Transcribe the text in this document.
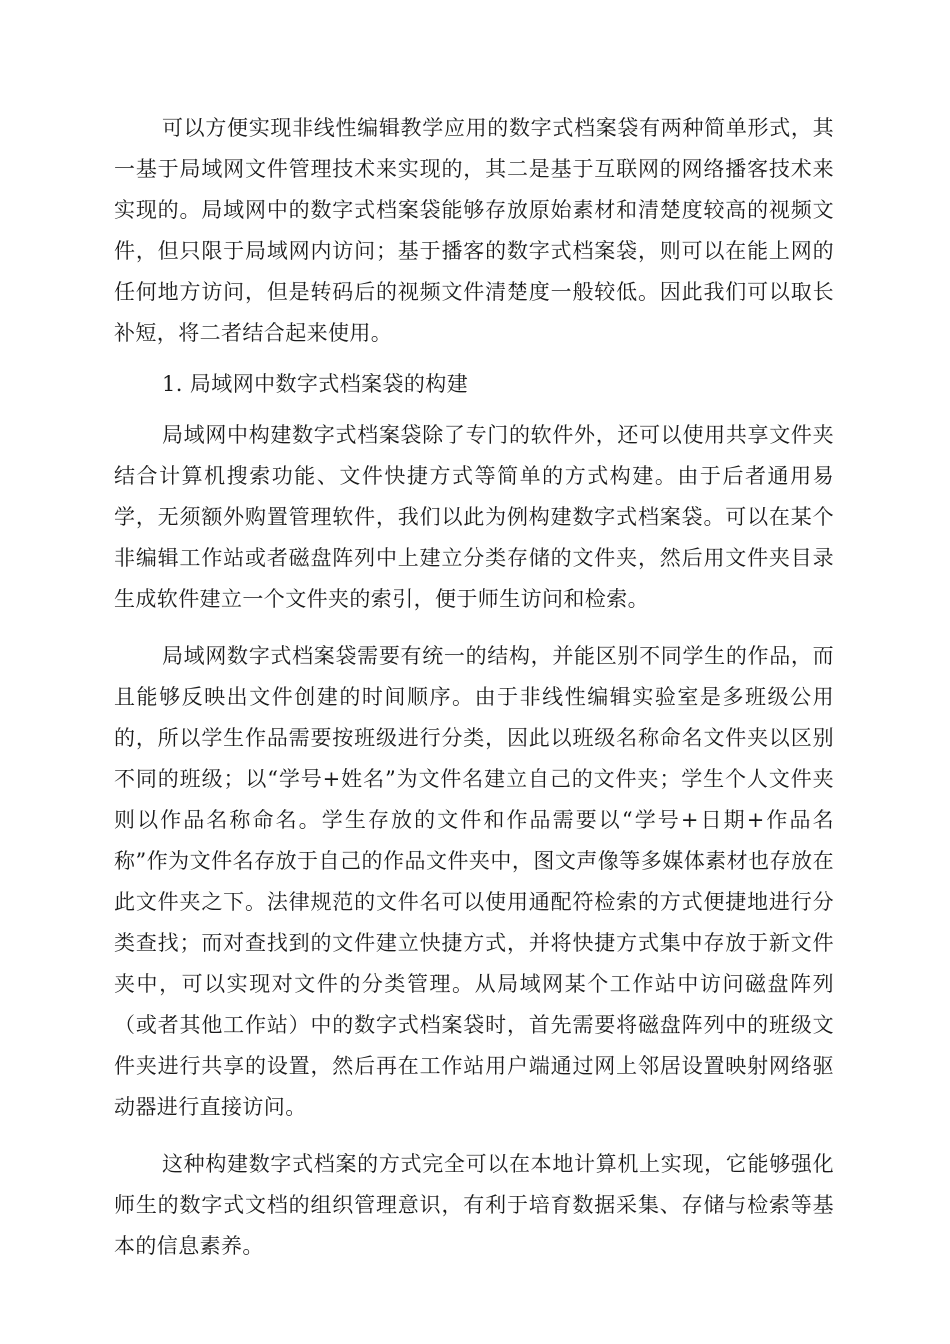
可以方便实现非线性编辑教学应用的数字式档案袋有两种简单形式，其一基于局域网文件管理技术来实现的，其二是基于互联网的网络播客技术来实现的。局域网中的数字式档案袋能够存放原始素材和清楚度较高的视频文件，但只限于局域网内访问；基于播客的数字式档案袋，则可以在能上网的任何地方访问，但是转码后的视频文件清楚度一般较低。因此我们可以取长补短，将二者结合起来使用。

1. 局域网中数字式档案袋的构建

局域网中构建数字式档案袋除了专门的软件外，还可以使用共享文件夹结合计算机搜索功能、文件快捷方式等简单的方式构建。由于后者通用易学，无须额外购置管理软件，我们以此为例构建数字式档案袋。可以在某个非编辑工作站或者磁盘阵列中上建立分类存储的文件夹，然后用文件夹目录生成软件建立一个文件夹的索引，便于师生访问和检索。

局域网数字式档案袋需要有统一的结构，并能区别不同学生的作品，而且能够反映出文件创建的时间顺序。由于非线性编辑实验室是多班级公用的，所以学生作品需要按班级进行分类，因此以班级名称命名文件夹以区别不同的班级；以“学号+姓名”为文件名建立自己的文件夹；学生个人文件夹则以作品名称命名。学生存放的文件和作品需要以“学号+日期+作品名称”作为文件名存放于自己的作品文件夹中，图文声像等多媒体素材也存放在此文件夹之下。法律规范的文件名可以使用通配符检索的方式便捷地进行分类查找；而对查找到的文件建立快捷方式，并将快捷方式集中存放于新文件夹中，可以实现对文件的分类管理。从局域网某个工作站中访问磁盘阵列（或者其他工作站）中的数字式档案袋时，首先需要将磁盘阵列中的班级文件夹进行共享的设置，然后再在工作站用户端通过网上邻居设置映射网络驱动器进行直接访问。

这种构建数字式档案的方式完全可以在本地计算机上实现，它能够强化师生的数字式文档的组织管理意识，有利于培育数据采集、存储与检索等基本的信息素养。
